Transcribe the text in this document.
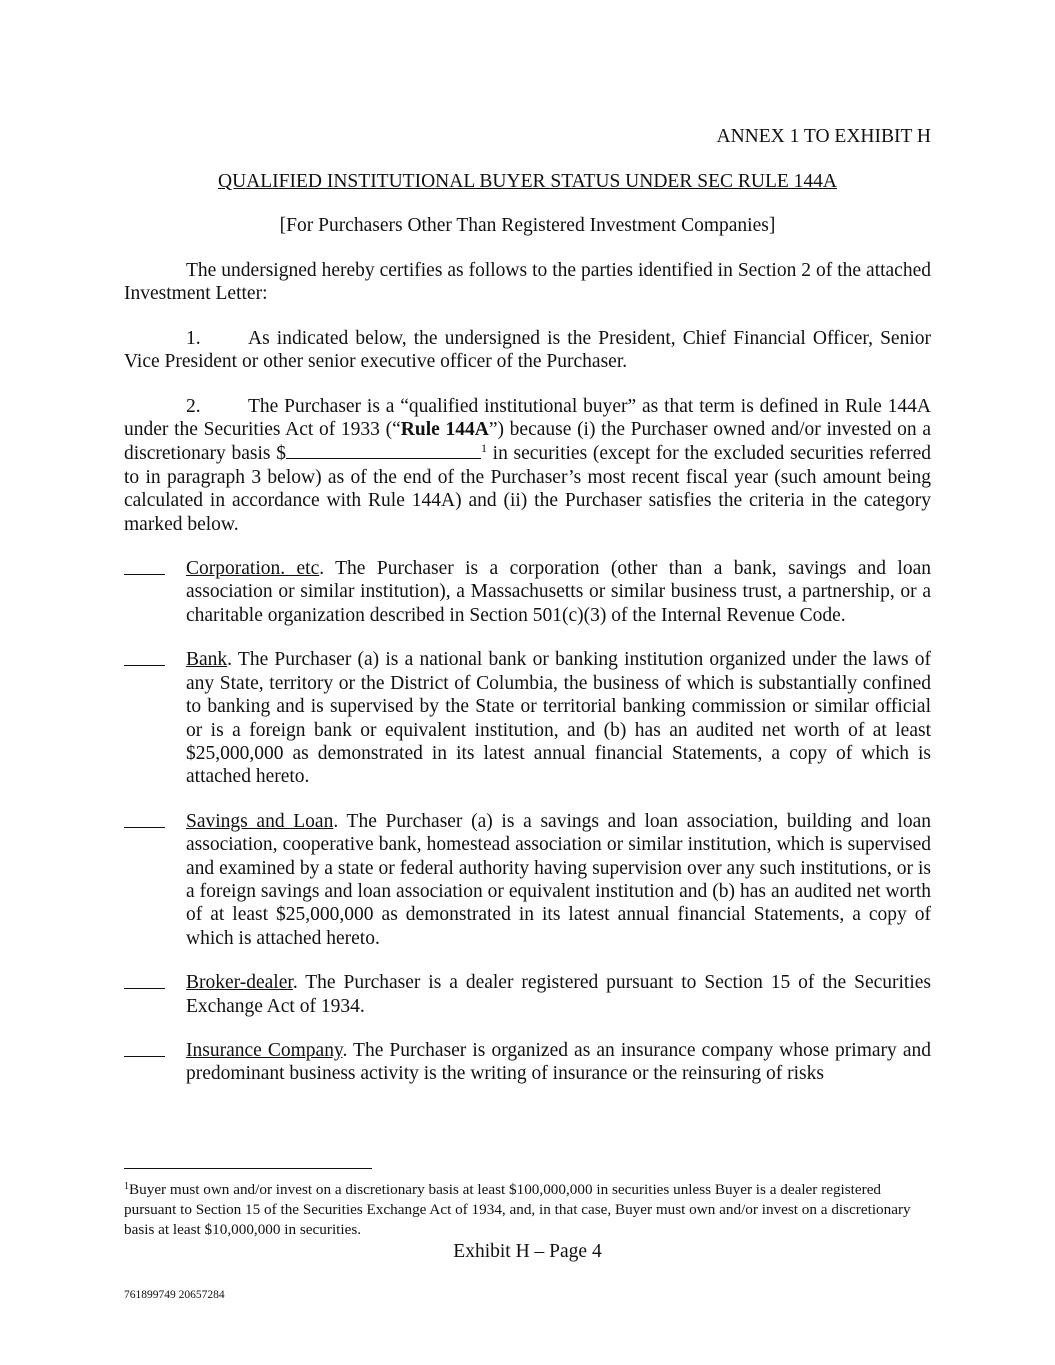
ANNEX 1 TO EXHIBIT H
QUALIFIED INSTITUTIONAL BUYER STATUS UNDER SEC RULE 144A
[For Purchasers Other Than Registered Investment Companies]

The undersigned hereby certifies as follows to the parties identified in Section 2 of the attached Investment Letter:

1. As indicated below, the undersigned is the President, Chief Financial Officer, Senior Vice President or other senior executive officer of the Purchaser.

2. The Purchaser is a “qualified institutional buyer” as that term is defined in Rule 144A under the Securities Act of 1933 (“Rule 144A”) because (i) the Purchaser owned and/or invested on a discretionary basis $	$^1$ in securities (except for the excluded securities referred to in paragraph 3 below) as of the end of the Purchaser’s most recent fiscal year (such amount being calculated in accordance with Rule 144A) and (ii) the Purchaser satisfies the criteria in the category marked below.

Corporation. etc. The Purchaser is a corporation (other than a bank, savings and loan association or similar institution), a Massachusetts or similar business trust, a partnership, or a charitable organization described in Section 501(c)(3) of the Internal Revenue Code.
Bank. The Purchaser (a) is a national bank or banking institution organized under the laws of any State, territory or the District of Columbia, the business of which is substantially confined to banking and is supervised by the State or territorial banking commission or similar official or is a foreign bank or equivalent institution, and (b) has an audited net worth of at least $25,000,000 as demonstrated in its latest annual financial Statements, a copy of which is attached hereto.
Savings and Loan. The Purchaser (a) is a savings and loan association, building and loan association, cooperative bank, homestead association or similar institution, which is supervised and examined by a state or federal authority having supervision over any such institutions, or is a foreign savings and loan association or equivalent institution and (b) has an audited net worth of at least $25,000,000 as demonstrated in its latest annual financial Statements, a copy of which is attached hereto.
Broker-dealer. The Purchaser is a dealer registered pursuant to Section 15 of the Securities Exchange Act of 1934.
Insurance Company. The Purchaser is organized as an insurance company whose primary and predominant business activity is the writing of insurance or the reinsuring of risks
$^1$Buyer must own and/or invest on a discretionary basis at least $100,000,000 in securities unless Buyer is a dealer registered pursuant to Section 15 of the Securities Exchange Act of 1934, and, in that case, Buyer must own and/or invest on a discretionary basis at least $10,000,000 in securities.
Exhibit H – Page 4
761899749 20657284
